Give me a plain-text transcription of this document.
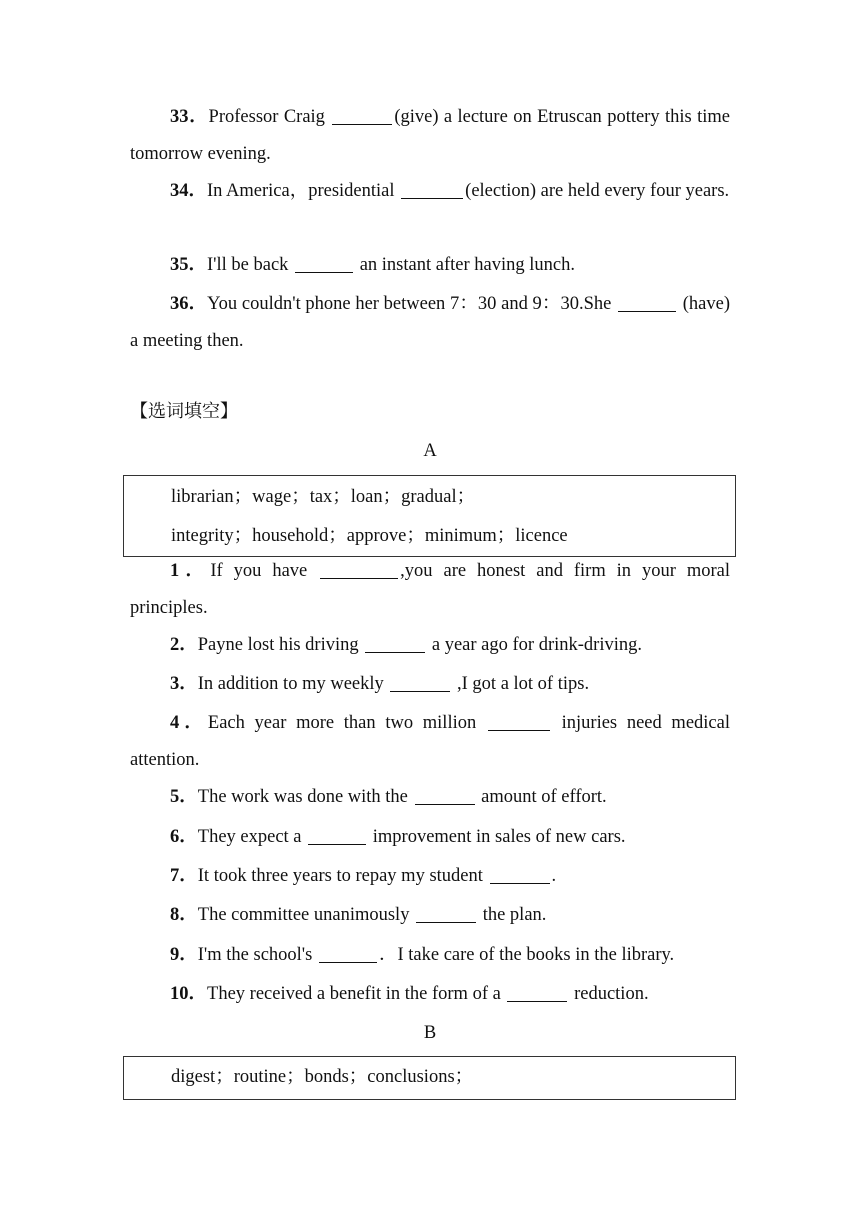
33．Professor Craig	(give) a lecture on Etruscan pottery this time tomorrow evening.

34．In America，presidential	(election) are held every four years.

35．I'll be back	an instant after having lunch.

36．You couldn't phone her between 7：30 and 9：30.She	(have) a meeting then.

【选词填空】
A

librarian；wage；tax；loan；gradual；

integrity；household；approve；minimum；licence

1．If you have	,you are honest and firm in your moral principles.

2．Payne lost his driving	a year ago for drink-driving.

3．In addition to my weekly	,I got a lot of tips.

4．Each year more than two million	injuries need medical attention.

5．The work was done with the	amount of effort.

6．They expect a	improvement in sales of new cars.

7．It took three years to repay my student	.

8．The committee unanimously	the plan.

9．I'm the school's	．I take care of the books in the library.

10．They received a benefit in the form of a	reduction.

B

digest；routine；bonds；conclusions；
